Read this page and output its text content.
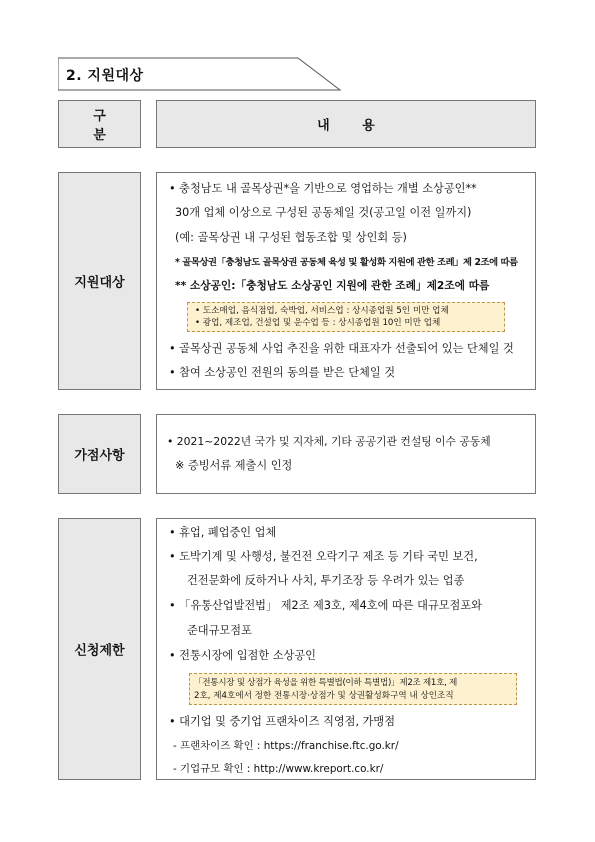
2. 지원대상
구 분
내 용
지원대상
• 충청남도 내 골목상권*을 기반으로 영업하는 개별 소상공인**
30개 업체 이상으로 구성된 공동체일 것(공고일 이전 일까지)
(예: 골목상권 내 구성된 협동조합 및 상인회 등)
* 골목상권「충청남도 골목상권 공동체 육성 및 활성화 지원에 관한 조례」제 2조에 따름
** 소상공인:「충청남도 소상공인 지원에 관한 조례」제2조에 따름
• 도소매업, 음식점업, 숙박업, 서비스업 : 상시종업원 5인 미만 업체
• 광업, 제조업, 건설업 및 운수업 등 : 상시종업원 10인 미만 업체
• 골목상권 공동체 사업 추진을 위한 대표자가 선출되어 있는 단체일 것
• 참여 소상공인 전원의 동의를 받은 단체일 것
가점사항
• 2021~2022년 국가 및 지자체, 기타 공공기관 컨설팅 이수 공동체
※ 증빙서류 제출시 인정
신청제한
• 휴업, 폐업중인 업체
• 도박기계 및 사행성, 불건전 오락기구 제조 등 기타 국민 보건,
건전문화에 反하거나 사치, 투기조장 등 우려가 있는 업종
• 「유통산업발전법」 제2조 제3호, 제4호에 따른 대규모점포와
준대규모점포
• 전통시장에 입점한 소상공인
「전통시장 및 상점가 육성을 위한 특별법(이하 특별법)」제2조 제1호, 제
2호, 제4호에서 정한 전통시장·상점가 및 상권활성화구역 내 상인조직
• 대기업 및 중기업 프랜차이즈 직영점, 가맹점
- 프랜차이즈 확인 : https://franchise.ftc.go.kr/
- 기업규모 확인 : http://www.kreport.co.kr/
